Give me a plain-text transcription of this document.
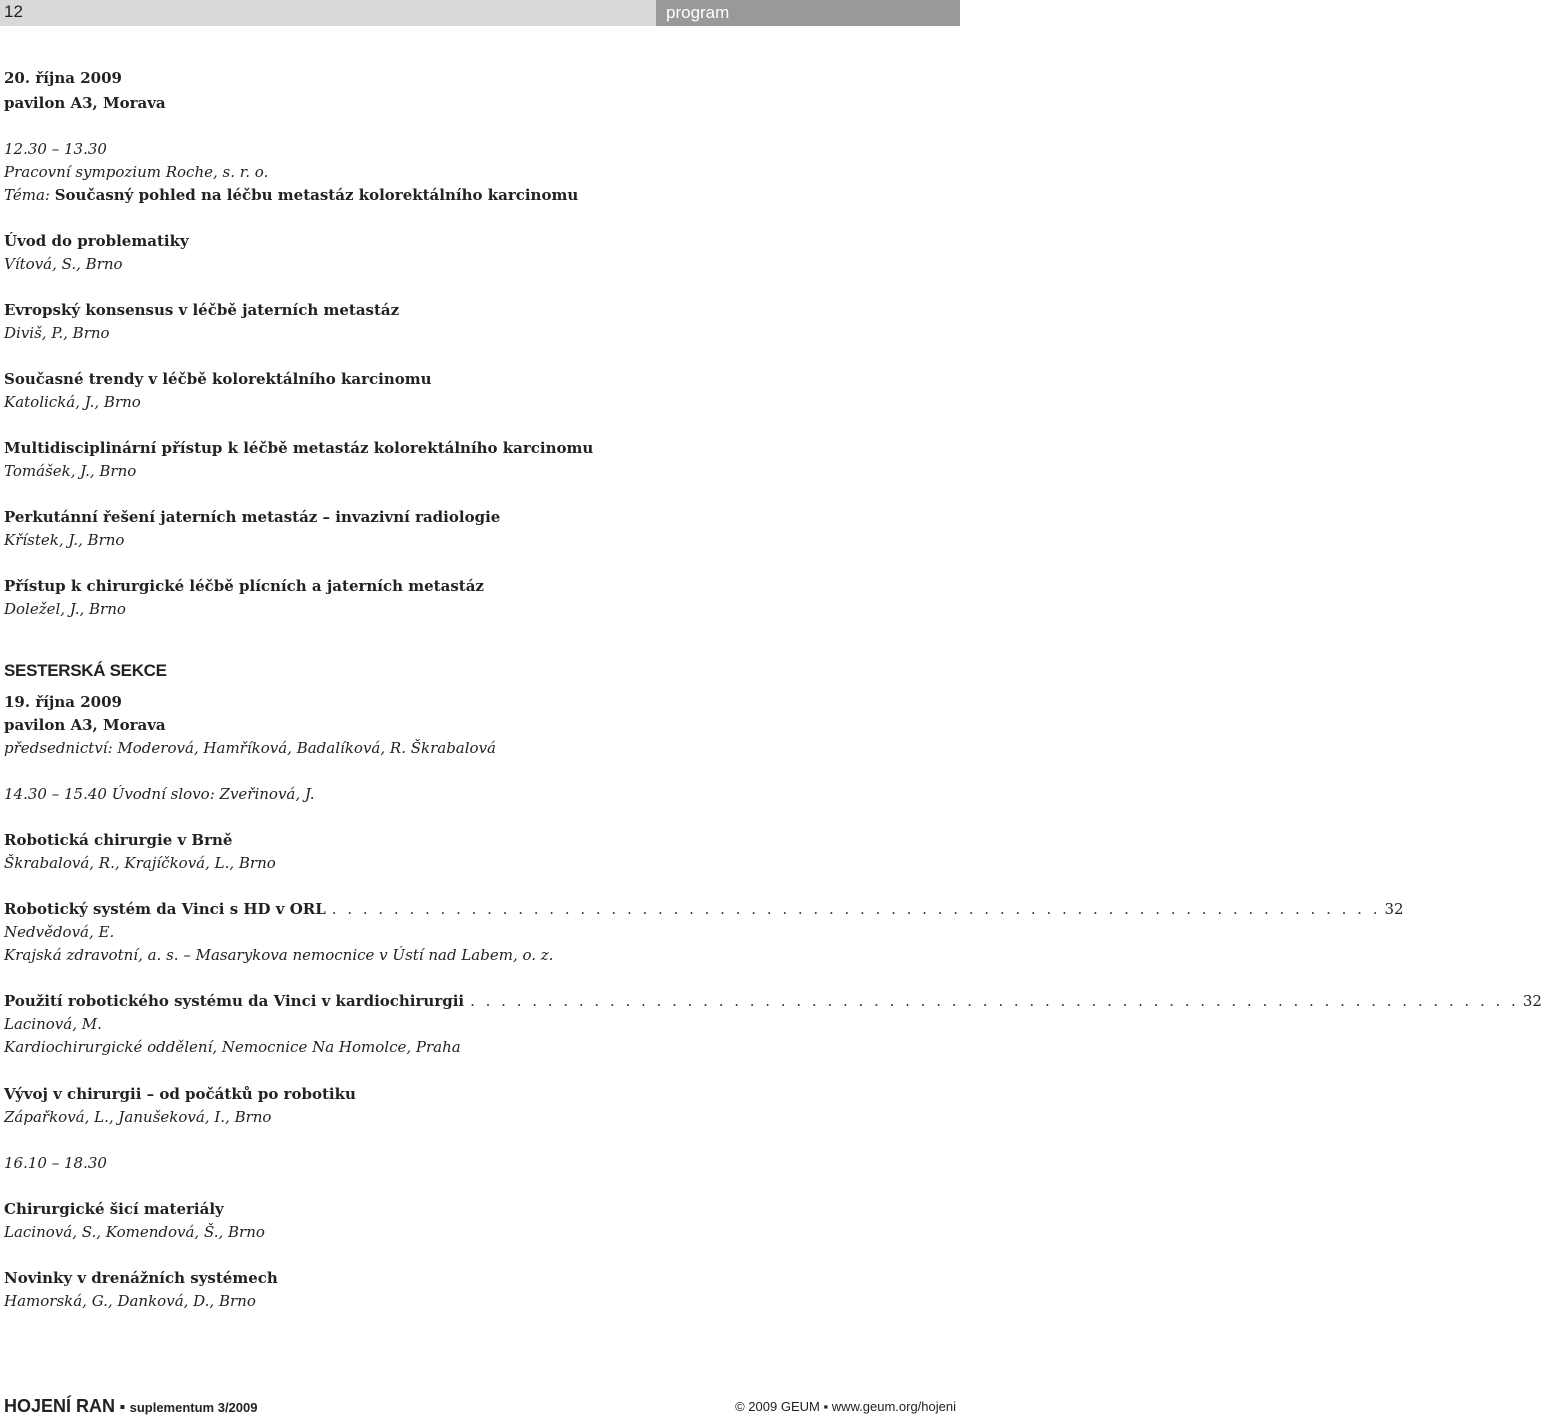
12	program
20. října 2009
pavilon A3, Morava
12.30 – 13.30
Pracovní sympozium Roche, s. r. o.
Téma: Současný pohled na léčbu metastáz kolorektálního karcinomu
Úvod do problematiky
Vítová, S., Brno
Evropský konsensus v léčbě jaterních metastáz
Diviš, P., Brno
Současné trendy v léčbě kolorektálního karcinomu
Katolická, J., Brno
Multidisciplinární přístup k léčbě metastáz kolorektálního karcinomu
Tomášek, J., Brno
Perkutánní řešení jaterních metastáz – invazivní radiologie
Křístek, J., Brno
Přístup k chirurgické léčbě plícních a jaterních metastáz
Doležel, J., Brno
SESTERSKÁ SEKCE
19. října 2009
pavilon A3, Morava
předsednictví: Moderová, Hamříková, Badalíková, R. Škrabalová
14.30 – 15.40 Úvodní slovo: Zveřinová, J.
Robotická chirurgie v Brně
Škrabalová, R., Krajíčková, L., Brno
Robotický systém da Vinci s HD v ORL . . . . . . . . . . . . . . . . . . . . . . . . . . . . . . . . . . . . . . . . . . . . . . . . . . . . . . . . . . . . . . . . . . . . 32
Nedvědová, E.
Krajská zdravotní, a. s. – Masarykova nemocnice v Ústí nad Labem, o. z.
Použití robotického systému da Vinci v kardiochirurgii . . . . . . . . . . . . . . . . . . . . . . . . . . . . . . . . . . . . . . . . . . . . . . . . . . . . . . . . . . . . . . . . . . . . 32
Lacinová, M.
Kardiochirurgické oddělení, Nemocnice Na Homolce, Praha
Vývoj v chirurgii – od počátků po robotiku
Zápařková, L., Janušeková, I., Brno
16.10 – 18.30
Chirurgické šicí materiály
Lacinová, S., Komendová, Š., Brno
Novinky v drenážních systémech
Hamorská, G., Danková, D., Brno
HOJENÍ RAN ▪ suplementum 3/2009	© 2009 GEUM ▪ www.geum.org/hojeni
